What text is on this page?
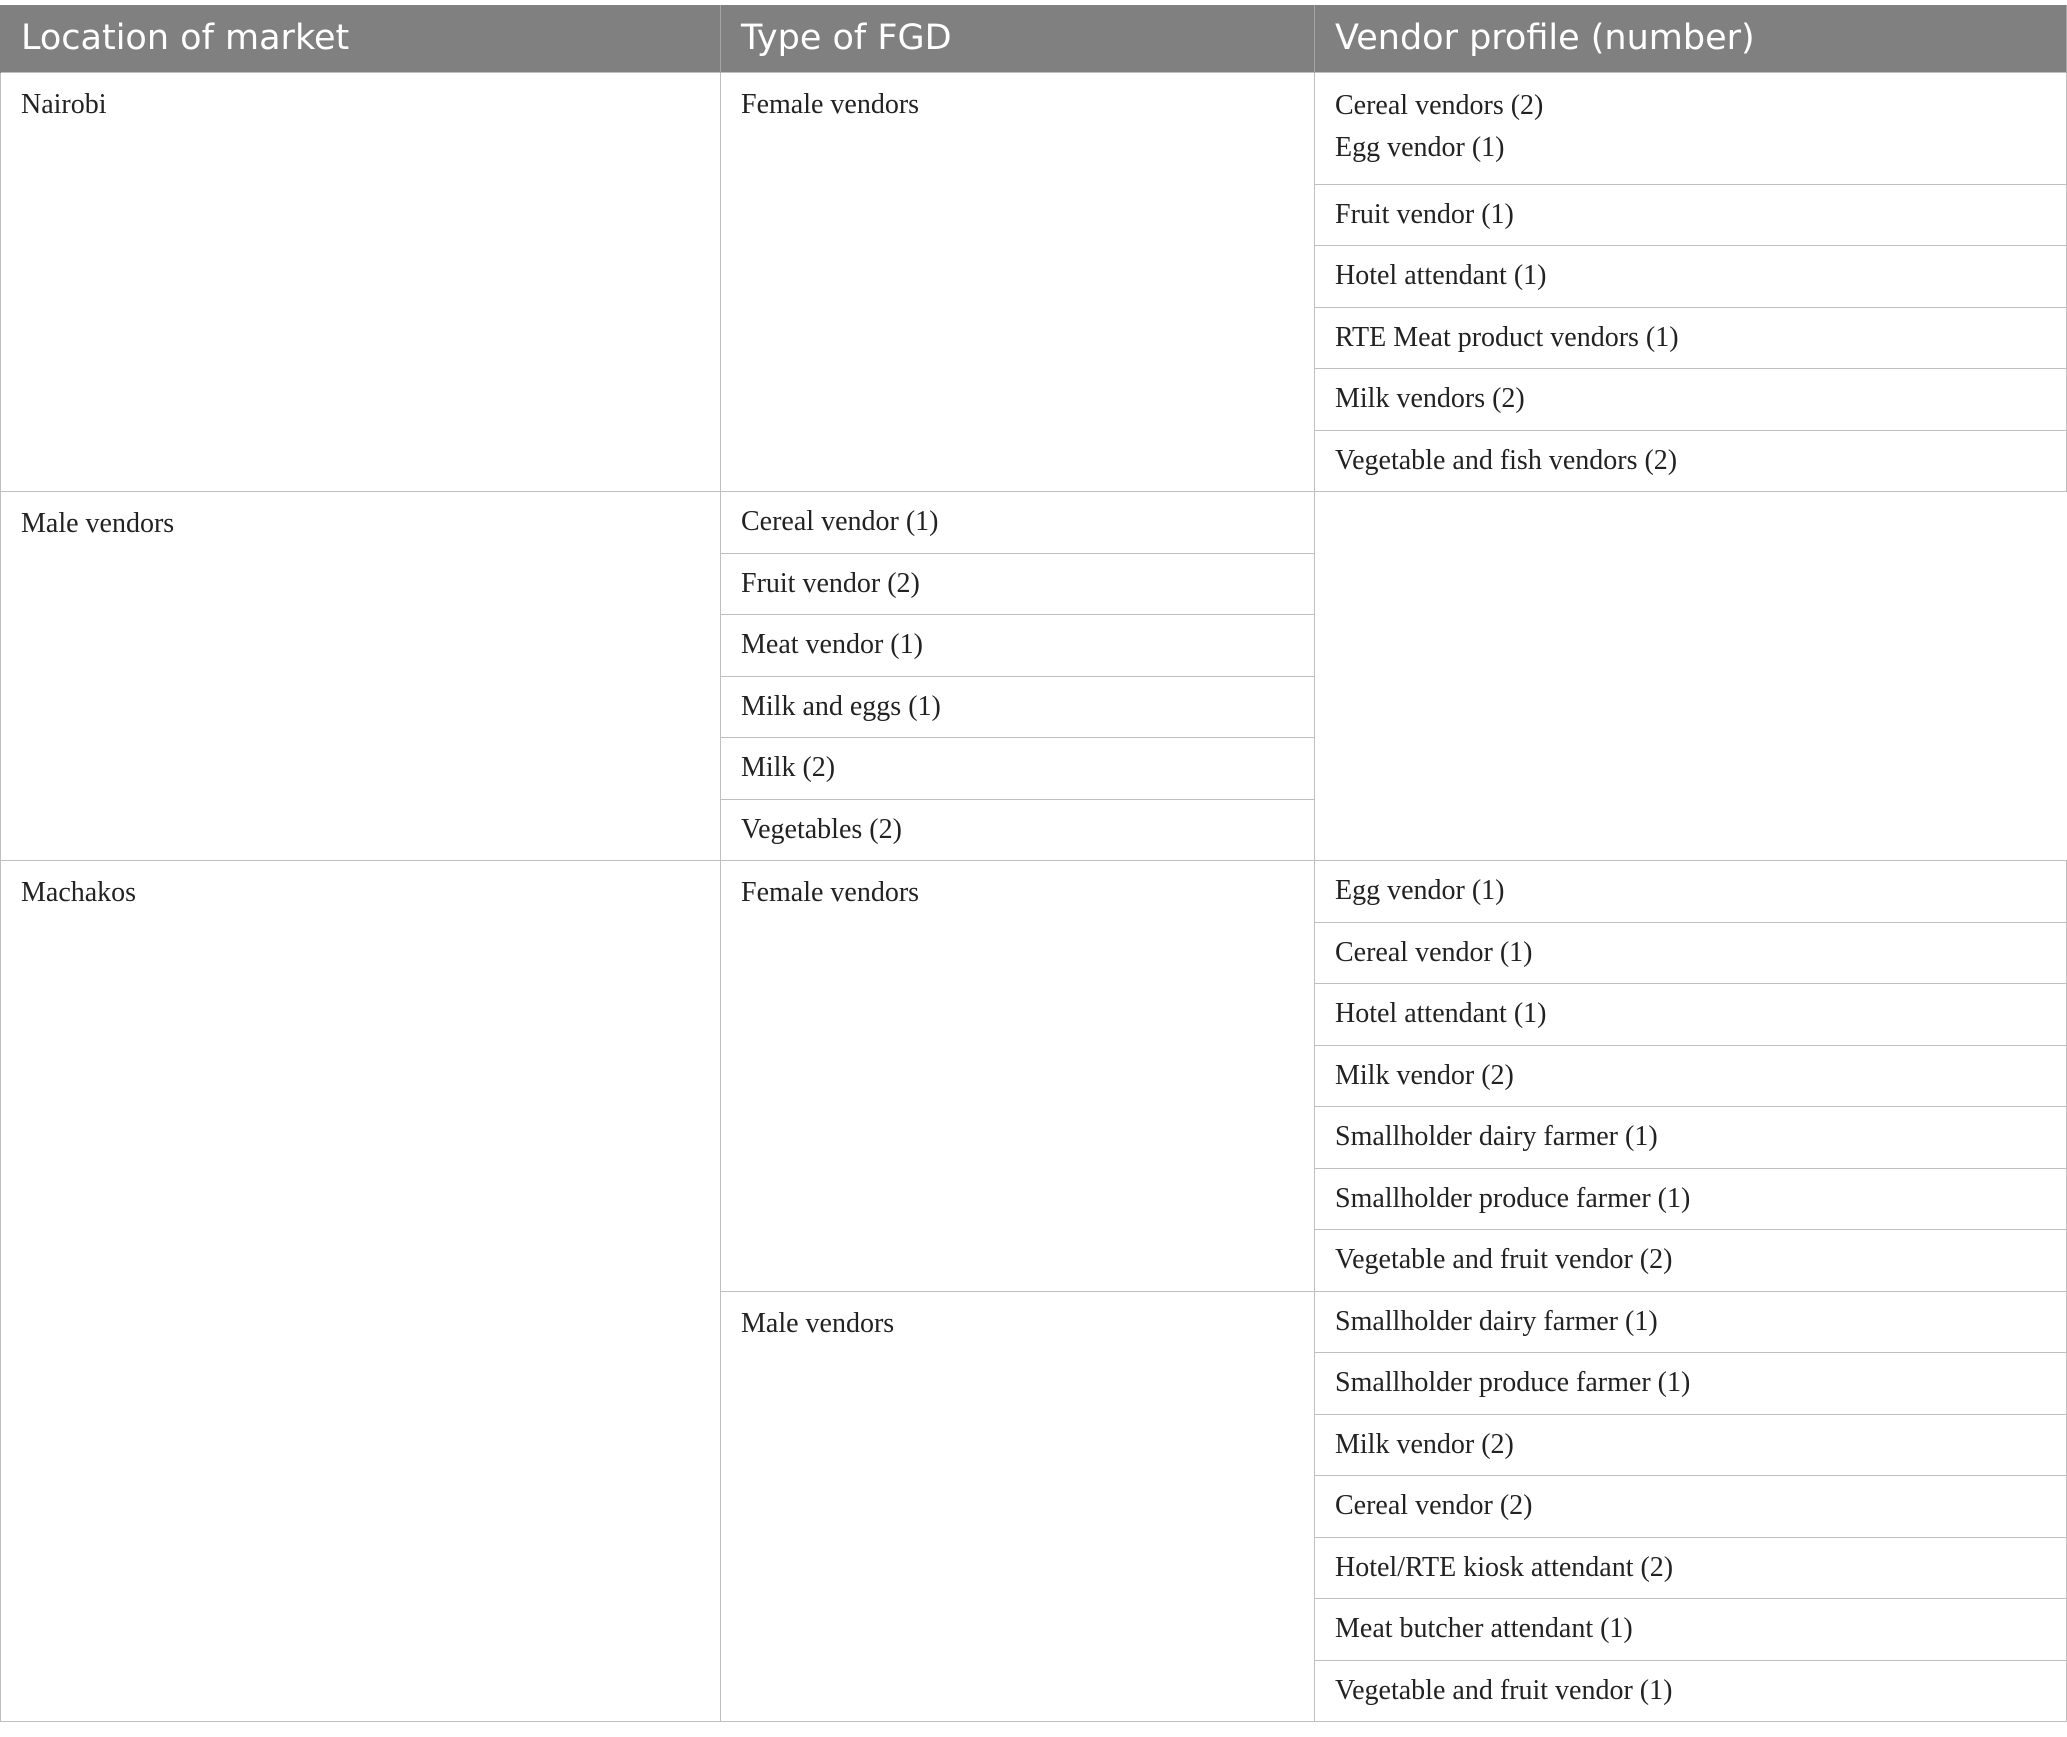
Location of market	Type of FGD	Vendor profile (number)
Nairobi	Female vendors	Cereal vendors (2)
Egg vendor (1)

		Fruit vendor (1)

		Hotel attendant (1)

		RTE Meat product vendors (1)

		Milk vendors (2)

		Vegetable and fish vendors (2)

Male vendors	Cereal vendor (1)	

	Fruit vendor (2)	

	Meat vendor (1)	

	Milk and eggs (1)	

	Milk (2)	

	Vegetables (2)	

Machakos	Female vendors	Egg vendor (1)

		Cereal vendor (1)

		Hotel attendant (1)

		Milk vendor (2)

		Smallholder dairy farmer (1)

		Smallholder produce farmer (1)

		Vegetable and fruit vendor (2)

	Male vendors	Smallholder dairy farmer (1)

		Smallholder produce farmer (1)

		Milk vendor (2)

		Cereal vendor (2)

		Hotel/RTE kiosk attendant (2)

		Meat butcher attendant (1)

		Vegetable and fruit vendor (1)
